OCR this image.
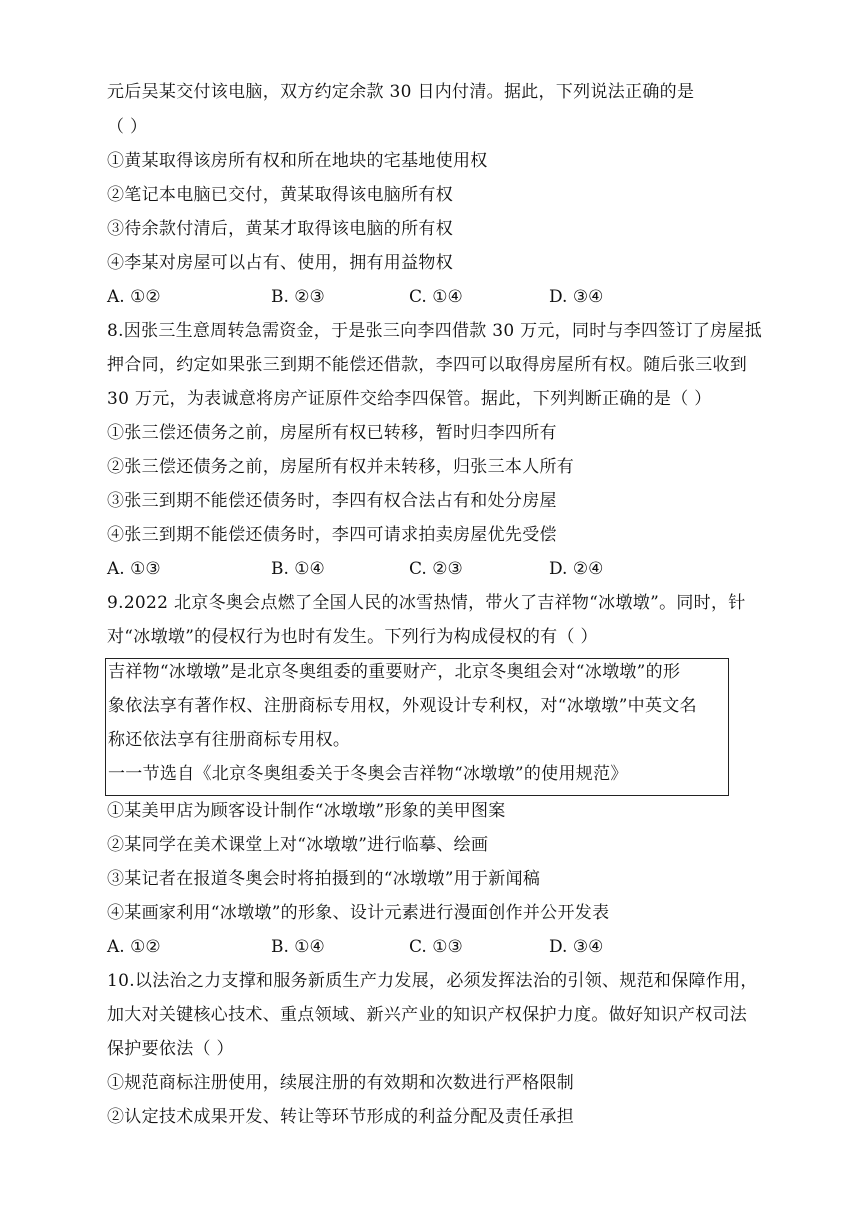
元后吴某交付该电脑，双方约定余款 30 日内付清。据此，下列说法正确的是
（ ）
①黄某取得该房所有权和所在地块的宅基地使用权
②笔记本电脑已交付，黄某取得该电脑所有权
③待余款付清后，黄某才取得该电脑的所有权
④李某对房屋可以占有、使用，拥有用益物权
A. ①②	B. ②③	C. ①④	D. ③④
8.因张三生意周转急需资金，于是张三向李四借款 30 万元，同时与李四签订了房屋抵
押合同，约定如果张三到期不能偿还借款，李四可以取得房屋所有权。随后张三收到
30 万元，为表诚意将房产证原件交给李四保管。据此，下列判断正确的是（ ）
①张三偿还债务之前，房屋所有权已转移，暂时归李四所有
②张三偿还债务之前，房屋所有权并未转移，归张三本人所有
③张三到期不能偿还债务时，李四有权合法占有和处分房屋
④张三到期不能偿还债务时，李四可请求拍卖房屋优先受偿
A. ①③	B. ①④	C. ②③	D. ②④
9.2022 北京冬奥会点燃了全国人民的冰雪热情，带火了吉祥物“冰墩墩”。同时，针
对“冰墩墩”的侵权行为也时有发生。下列行为构成侵权的有（ ）
吉祥物“冰墩墩”是北京冬奥组委的重要财产，北京冬奥组会对“冰墩墩”的形
象依法享有著作权、注册商标专用权，外观设计专利权，对“冰墩墩”中英文名
称还依法享有往册商标专用权。
一一节选自《北京冬奥组委关于冬奥会吉祥物“冰墩墩”的使用规范》
①某美甲店为顾客设计制作“冰墩墩”形象的美甲图案
②某同学在美术课堂上对“冰墩墩”进行临摹、绘画
③某记者在报道冬奥会时将拍摄到的“冰墩墩”用于新闻稿
④某画家利用“冰墩墩”的形象、设计元素进行漫面创作并公开发表
A. ①②	B. ①④	C. ①③	D. ③④
10.以法治之力支撑和服务新质生产力发展，必须发挥法治的引领、规范和保障作用，
加大对关键核心技术、重点领域、新兴产业的知识产权保护力度。做好知识产权司法
保护要依法（ ）
①规范商标注册使用，续展注册的有效期和次数进行严格限制
②认定技术成果开发、转让等环节形成的利益分配及责任承担
